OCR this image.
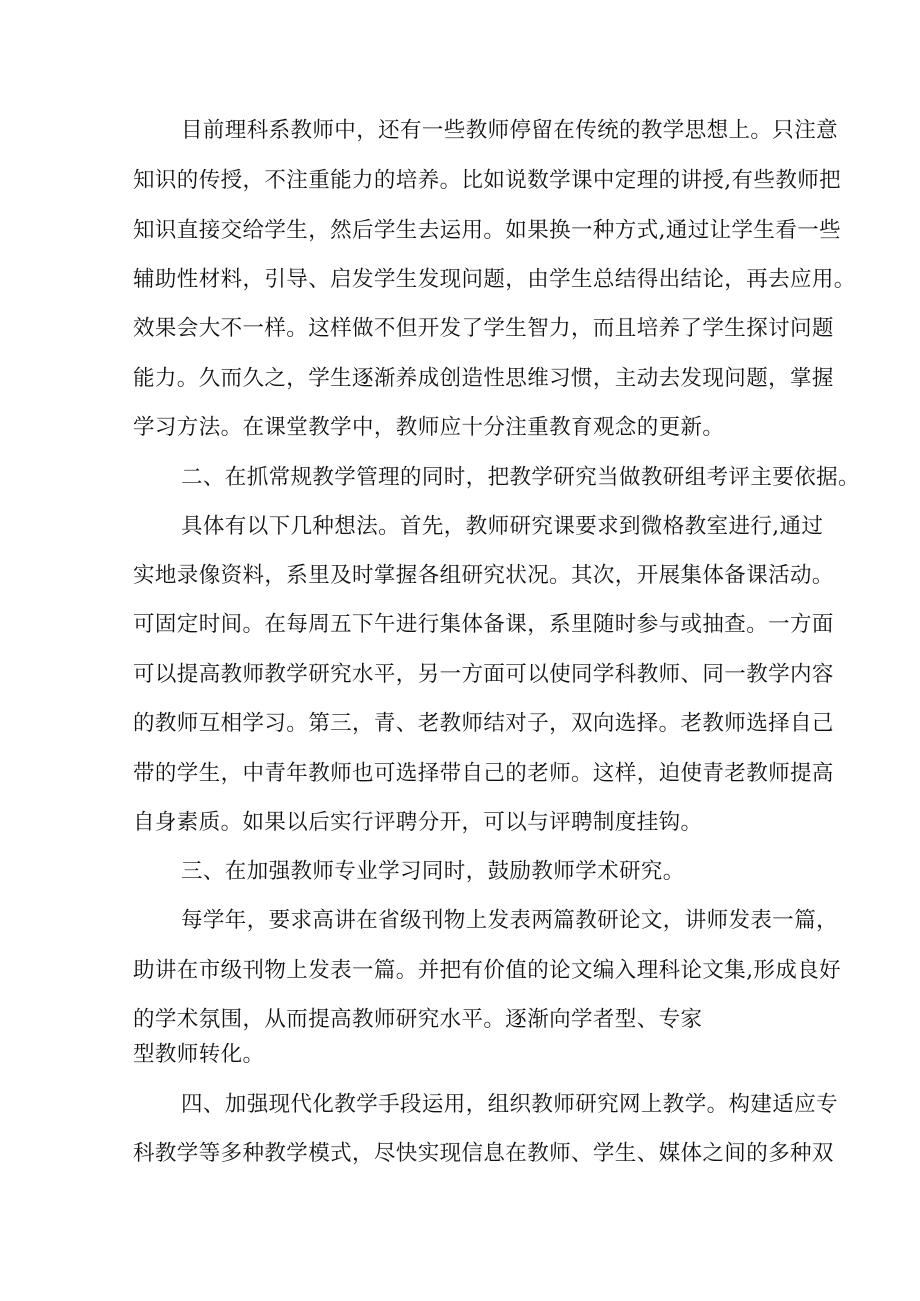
目前理科系教师中，还有一些教师停留在传统的教学思想上。只注意
知识的传授，不注重能力的培养。比如说数学课中定理的讲授,有些教师把
知识直接交给学生，然后学生去运用。如果换一种方式,通过让学生看一些
辅助性材料，引导、启发学生发现问题，由学生总结得出结论，再去应用。
效果会大不一样。这样做不但开发了学生智力，而且培养了学生探讨问题
能力。久而久之，学生逐渐养成创造性思维习惯，主动去发现问题，掌握
学习方法。在课堂教学中，教师应十分注重教育观念的更新。
二、在抓常规教学管理的同时，把教学研究当做教研组考评主要依据。
具体有以下几种想法。首先，教师研究课要求到微格教室进行,通过
实地录像资料，系里及时掌握各组研究状况。其次，开展集体备课活动。
可固定时间。在每周五下午进行集体备课，系里随时参与或抽查。一方面
可以提高教师教学研究水平，另一方面可以使同学科教师、同一教学内容
的教师互相学习。第三，青、老教师结对子，双向选择。老教师选择自己
带的学生，中青年教师也可选择带自己的老师。这样，迫使青老教师提高
自身素质。如果以后实行评聘分开，可以与评聘制度挂钩。
三、在加强教师专业学习同时，鼓励教师学术研究。
每学年，要求高讲在省级刊物上发表两篇教研论文，讲师发表一篇，
助讲在市级刊物上发表一篇。并把有价值的论文编入理科论文集,形成良好
的学术氛围，从而提高教师研究水平。逐渐向学者型、专家
型教师转化。
四、加强现代化教学手段运用，组织教师研究网上教学。构建适应专
科教学等多种教学模式，尽快实现信息在教师、学生、媒体之间的多种双
